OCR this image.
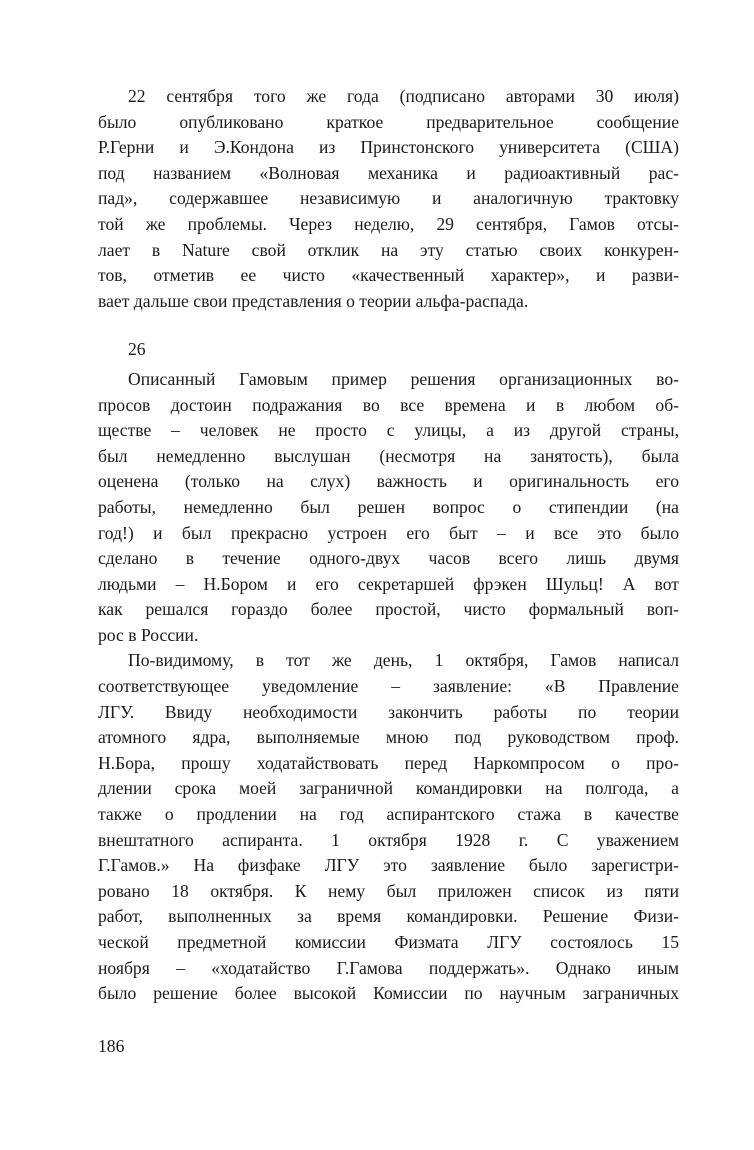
22 сентября того же года (подписано авторами 30 июля)
было опубликовано краткое предварительное сообщение
Р.Герни и Э.Кондона из Принстонского университета (США)
под названием «Волновая механика и радиоактивный рас-
пад», содержавшее независимую и аналогичную трактовку
той же проблемы. Через неделю, 29 сентября, Гамов отсы-
лает в Nature свой отклик на эту статью своих конкурен-
тов, отметив ее чисто «качественный характер», и разви-
вает дальше свои представления о теории альфа-распада.
26
Описанный Гамовым пример решения организационных во-
просов достоин подражания во все времена и в любом об-
ществе – человек не просто с улицы, а из другой страны,
был немедленно выслушан (несмотря на занятость), была
оценена (только на слух) важность и оригинальность его
работы, немедленно был решен вопрос о стипендии (на
год!) и был прекрасно устроен его быт – и все это было
сделано в течение одного-двух часов всего лишь двумя
людьми – Н.Бором и его секретаршей фрэкен Шульц! А вот
как решался гораздо более простой, чисто формальный воп-
рос в России.
По-видимому, в тот же день, 1 октября, Гамов написал
соответствующее уведомление – заявление: «В Правление
ЛГУ. Ввиду необходимости закончить работы по теории
атомного ядра, выполняемые мною под руководством проф.
Н.Бора, прошу ходатайствовать перед Наркомпросом о про-
длении срока моей заграничной командировки на полгода, а
также о продлении на год аспирантского стажа в качестве
внештатного аспиранта. 1 октября 1928 г. С уважением
Г.Гамов.» На физфаке ЛГУ это заявление было зарегистри-
ровано 18 октября. К нему был приложен список из пяти
работ, выполненных за время командировки. Решение Физи-
ческой предметной комиссии Физмата ЛГУ состоялось 15
ноября – «ходатайство Г.Гамова поддержать». Однако иным
было решение более высокой Комиссии по научным заграничных
186
